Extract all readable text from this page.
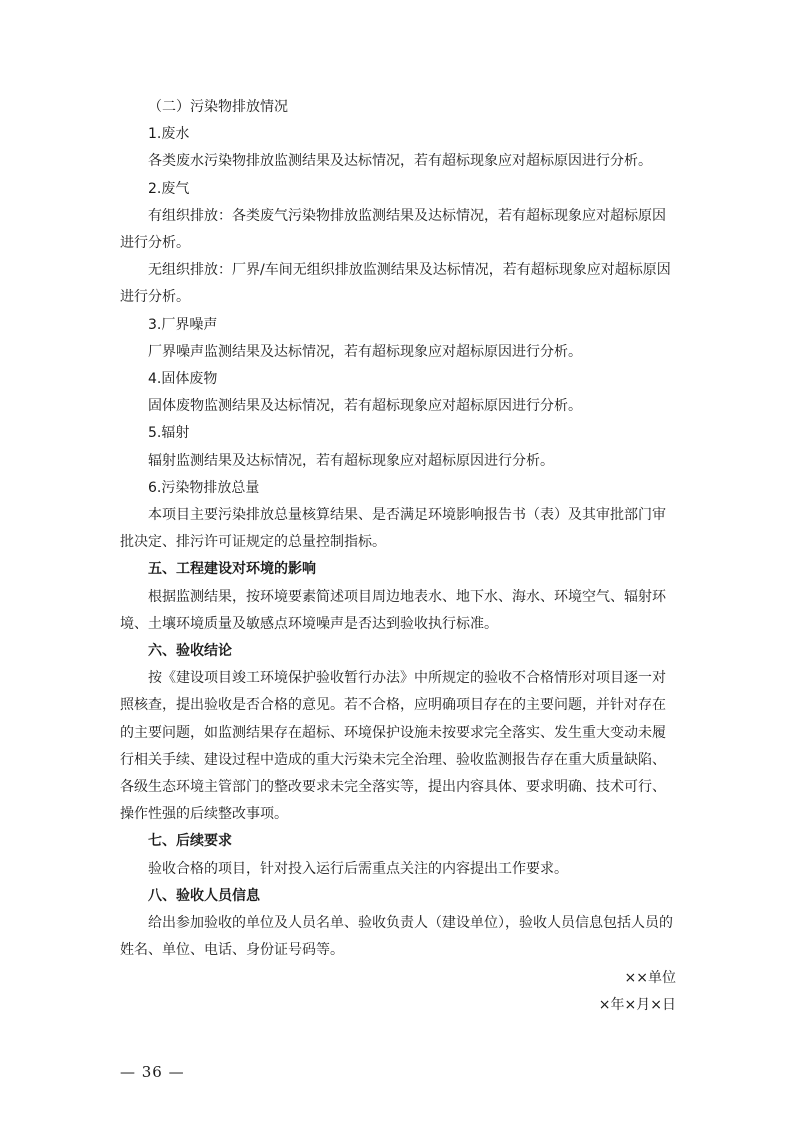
（二）污染物排放情况

1.废水

各类废水污染物排放监测结果及达标情况，若有超标现象应对超标原因进行分析。

2.废气

有组织排放：各类废气污染物排放监测结果及达标情况，若有超标现象应对超标原因进行分析。

无组织排放：厂界/车间无组织排放监测结果及达标情况，若有超标现象应对超标原因进行分析。

3.厂界噪声

厂界噪声监测结果及达标情况，若有超标现象应对超标原因进行分析。

4.固体废物

固体废物监测结果及达标情况，若有超标现象应对超标原因进行分析。

5.辐射

辐射监测结果及达标情况，若有超标现象应对超标原因进行分析。

6.污染物排放总量

本项目主要污染排放总量核算结果、是否满足环境影响报告书（表）及其审批部门审批决定、排污许可证规定的总量控制指标。

五、工程建设对环境的影响

根据监测结果，按环境要素简述项目周边地表水、地下水、海水、环境空气、辐射环境、土壤环境质量及敏感点环境噪声是否达到验收执行标准。

六、验收结论

按《建设项目竣工环境保护验收暂行办法》中所规定的验收不合格情形对项目逐一对照核查，提出验收是否合格的意见。若不合格，应明确项目存在的主要问题，并针对存在的主要问题，如监测结果存在超标、环境保护设施未按要求完全落实、发生重大变动未履行相关手续、建设过程中造成的重大污染未完全治理、验收监测报告存在重大质量缺陷、各级生态环境主管部门的整改要求未完全落实等，提出内容具体、要求明确、技术可行、操作性强的后续整改事项。

七、后续要求

验收合格的项目，针对投入运行后需重点关注的内容提出工作要求。

八、验收人员信息

给出参加验收的单位及人员名单、验收负责人（建设单位），验收人员信息包括人员的姓名、单位、电话、身份证号码等。

××单位

×年×月×日

— 36 —
